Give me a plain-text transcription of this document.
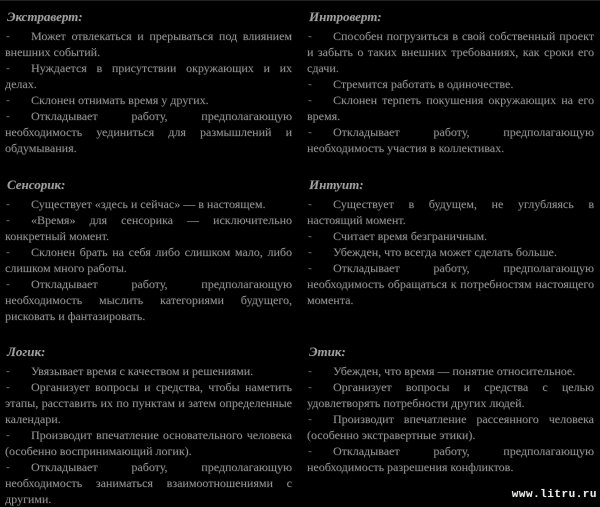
Экстраверт:

- Может отвлекаться и прерываться под влиянием внешних событий.

- Нуждается в присутствии окружающих и их делах.

- Склонен отнимать время у других.

- Откладывает работу, предполагающую необходимость уединиться для размышлений и обдумывания.

Сенсорик:

- Существует «здесь и сейчас» — в настоящем.

- «Время» для сенсорика — исключительно конкретный момент.

- Склонен брать на себя либо слишком мало, либо слишком много работы.

- Откладывает работу, предполагающую необходимость мыслить категориями будущего, рисковать и фантазировать.

Логик:

- Увязывает время с качеством и решениями.

- Организует вопросы и средства, чтобы наметить этапы, расставить их по пунктам и затем определенные календари.

- Производит впечатление основательного человека (особенно воспринимающий логик).

- Откладывает работу, предполагающую необходимость заниматься взаимоотношениями с другими.

Интроверт:

- Способен погрузиться в свой собственный проект и забыть о таких внешних требованиях, как сроки его сдачи.

- Стремится работать в одиночестве.

- Склонен терпеть покушения окружающих на его время.

- Откладывает работу, предполагающую необходимость участия в коллективах.

Интуит:

- Существует в будущем, не углубляясь в настоящий момент.

- Считает время безграничным.

- Убежден, что всегда может сделать больше.

- Откладывает работу, предполагающую необходимость обращаться к потребностям настоящего момента.

Этик:

- Убежден, что время — понятие относительное.

- Организует вопросы и средства с целью удовлетворять потребности других людей.

- Производит впечатление рассеянного человека (особенно экстравертные этики).

- Откладывает работу, предполагающую необходимость разрешения конфликтов.

www.litru.ru
